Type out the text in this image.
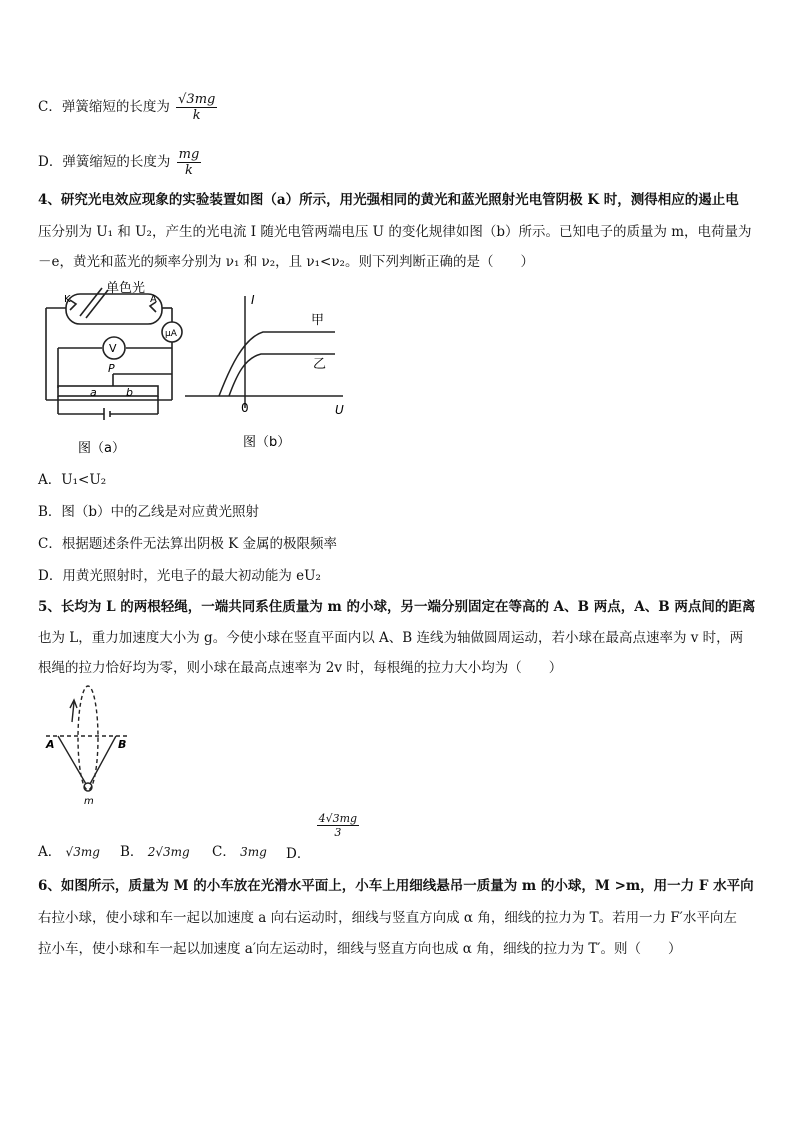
C．弹簧缩短的长度为 $\frac{√3mg}{k}$
D．弹簧缩短的长度为 $\frac{mg}{k}$
4、研究光电效应现象的实验装置如图（a）所示，用光强相同的黄光和蓝光照射光电管阴极 K 时，测得相应的遏止电
压分别为 U₁ 和 U₂，产生的光电流 I 随光电管两端电压 U 的变化规律如图（b）所示。已知电子的质量为 m，电荷量为
－e，黄光和蓝光的频率分别为 ν₁ 和 ν₂，且 ν₁<ν₂。则下列判断正确的是（　　）
单色光
K	A
V
μA
P
a	b
图（a）
I
U
0
甲
乙
图（b）
A．U₁<U₂
B．图（b）中的乙线是对应黄光照射
C．根据题述条件无法算出阴极 K 金属的极限频率
D．用黄光照射时，光电子的最大初动能为 eU₂
5、长均为 L 的两根轻绳，一端共同系住质量为 m 的小球，另一端分别固定在等高的 A、B 两点，A、B 两点间的距离
也为 L，重力加速度大小为 g。今使小球在竖直平面内以 A、B 连线为轴做圆周运动，若小球在最高点速率为 v 时，两
根绳的拉力恰好均为零，则小球在最高点速率为 2v 时，每根绳的拉力大小均为（　　）
A	B
m
A． √3mg B． 2√3mg C． 3mg D．
$\frac{4√3mg}{3}$
6、如图所示，质量为 M 的小车放在光滑水平面上，小车上用细线悬吊一质量为 m 的小球，M >m，用一力 F 水平向
右拉小球，使小球和车一起以加速度 a 向右运动时，细线与竖直方向成 α 角，细线的拉力为 T。若用一力 F′水平向左
拉小车，使小球和车一起以加速度 a′向左运动时，细线与竖直方向也成 α 角，细线的拉力为 T′。则（　　）
